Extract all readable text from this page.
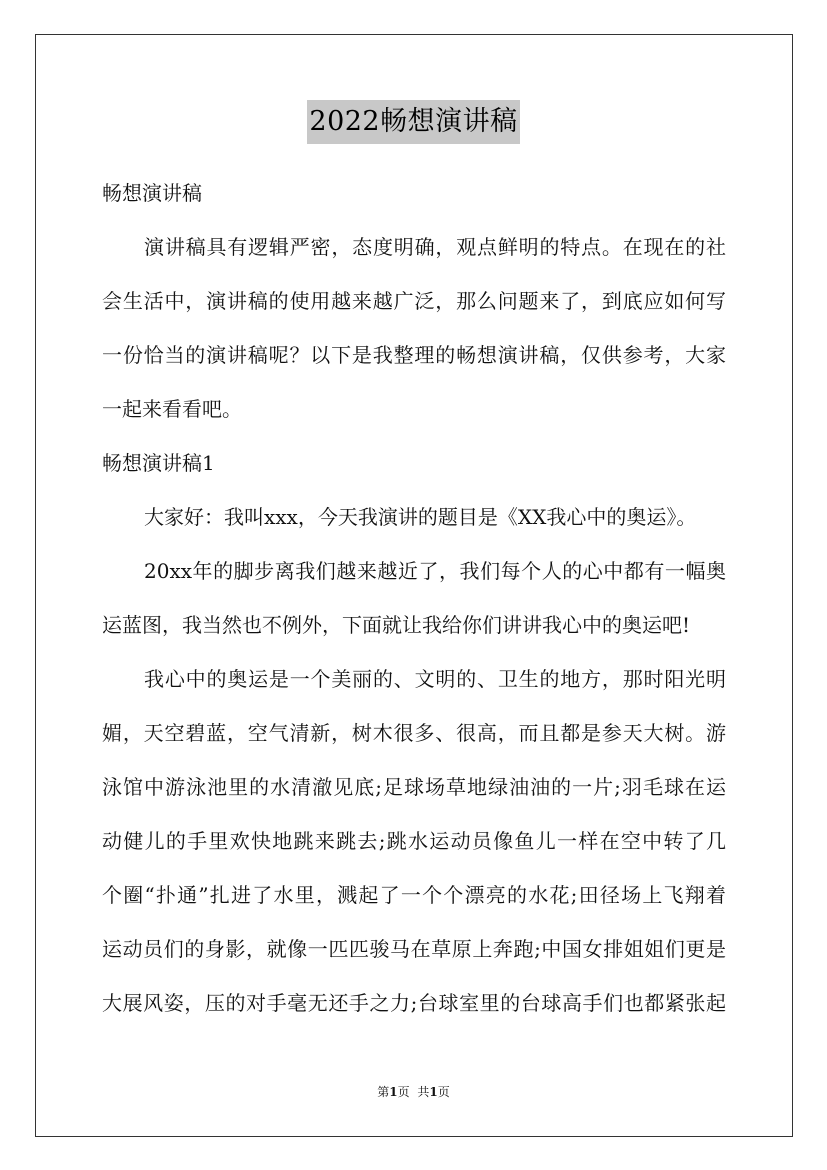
2022畅想演讲稿
畅想演讲稿
演讲稿具有逻辑严密，态度明确，观点鲜明的特点。在现在的社
会生活中，演讲稿的使用越来越广泛，那么问题来了，到底应如何写
一份恰当的演讲稿呢？以下是我整理的畅想演讲稿，仅供参考，大家
一起来看看吧。
畅想演讲稿1
大家好：我叫xxx，今天我演讲的题目是《XX我心中的奥运》。
20xx年的脚步离我们越来越近了，我们每个人的心中都有一幅奥
运蓝图，我当然也不例外，下面就让我给你们讲讲我心中的奥运吧!
我心中的奥运是一个美丽的、文明的、卫生的地方，那时阳光明
媚，天空碧蓝，空气清新，树木很多、很高，而且都是参天大树。游
泳馆中游泳池里的水清澈见底;足球场草地绿油油的一片;羽毛球在运
动健儿的手里欢快地跳来跳去;跳水运动员像鱼儿一样在空中转了几
个圈“扑通”扎进了水里，溅起了一个个漂亮的水花;田径场上飞翔着
运动员们的身影，就像一匹匹骏马在草原上奔跑;中国女排姐姐们更是
大展风姿，压的对手毫无还手之力;台球室里的台球高手们也都紧张起
第1页 共1页
